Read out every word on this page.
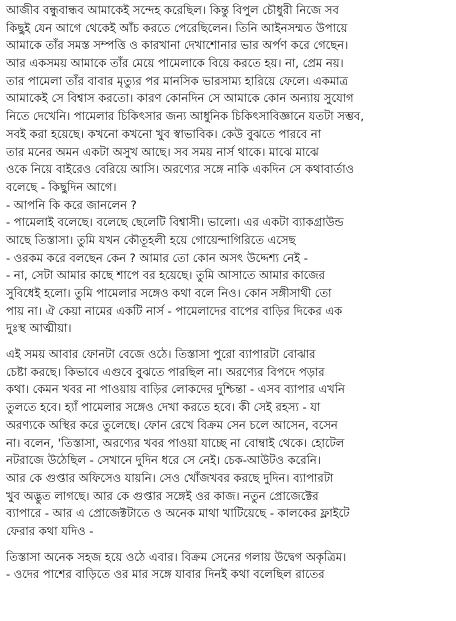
আজীব বন্ধুবান্ধব আমাকেই সন্দেহ করেছিল। কিন্তু বিপুল চৌধুরী নিজে সব
কিছুই যেন আগে থেকেই আঁচ করতে পেরেছিলেন। তিনি আইনসম্মত উপায়ে
আমাকে তাঁর সমস্ত সম্পত্তি ও কারখানা দেখাশোনার ভার অর্পণ করে গেছেন।
আর একসময় আমাকে তাঁর মেয়ে পামেলাকে বিয়ে করতে হয়। না, প্রেম নয়।
তার পামেলা তাঁর বাবার মৃত্যুর পর মানসিক ভারসাম্য হারিয়ে ফেলে। একমাত্র
আমাকেই সে বিশ্বাস করতো। কারণ কোনদিন সে আমাকে কোন অন্যায় সুযোগ
নিতে দেখেনি। পামেলার চিকিৎসার জন্য আধুনিক চিকিৎসাবিজ্ঞানে যতটা সম্ভব,
সবই করা হয়েছে। কখনো কখনো খুব স্বাভাবিক। কেউ বুঝতে পারবে না
তার মনের অমন একটা অসুখ আছে। সব সময় নার্স থাকে। মাঝে মাঝে
ওকে নিয়ে বাইরেও বেরিয়ে আসি। অরণ্যের সঙ্গে নাকি একদিন সে কথাবার্তাও
বলেছে - কিছুদিন আগে।
- আপনি কি করে জানলেন ?
- পামেলাই বলেছে। বলেছে ছেলেটি বিশ্বাসী। ভালো। এর একটা ব্যাকগ্রাউন্ড
আছে তিস্তাসা। তুমি যখন কৌতূহলী হয়ে গোয়েন্দাগিরিতে এসেছ
- ওরকম করে বলছেন কেন ? আমার তো কোন অসৎ উদ্দেশ্য নেই -
- না, সেটা আমার কাছে শাপে বর হয়েছে। তুমি আসাতে আমার কাজের
সুবিধেই হলো। তুমি পামেলার সঙ্গেও কথা বলে নিও। কোন সঙ্গীসাথী তো
পায় না। ঐ কেয়া নামের একটি নার্স - পামেলাদের বাপের বাড়ির দিকের এক
দুঃস্থ আত্মীয়া।
এই সময় আবার ফোনটা বেজে ওঠে। তিস্তাসা পুরো ব্যাপারটা বোঝার
চেষ্টা করছে। কিভাবে এগুবে বুঝতে পারছিল না। অরণ্যের বিপদে পড়ার
কথা। কেমন খবর না পাওয়ায় বাড়ির লোকদের দুশ্চিন্তা - এসব ব্যাপার এখনি
তুলতে হবে। হ্যাঁ পামেলার সঙ্গেও দেখা করতে হবে। কী সেই রহস্য - যা
অরণ্যকে অস্থির করে তুলেছে। ফোন রেখে বিক্রম সেন চলে আসেন, বসেন
না। বলেন, 'তিস্তাসা, অরণ্যের খবর পাওয়া যাচ্ছে না বোম্বাই থেকে। হোটেল
নটরাজে উঠেছিল - সেখানে দুদিন ধরে সে নেই। চেক-আউটও করেনি।
আর কে গুপ্তার অফিসেও যায়নি। সেও খোঁজখবর করছে দুদিন। ব্যাপারটা
খুব অদ্ভুত লাগছে। আর কে গুপ্তার সঙ্গেই ওর কাজ। নতুন প্রোজেক্টের
ব্যাপারে - আর এ প্রোজেক্টটাতে ও অনেক মাথা খাটিয়েছে - কালকের ফ্লাইটে
ফেরার কথা যদিও -
তিস্তাসা অনেক সহজ হয়ে ওঠে এবার। বিক্রম সেনের গলায় উদ্বেগ অকৃত্রিম।
- ওদের পাশের বাড়িতে ওর মার সঙ্গে যাবার দিনই কথা বলেছিল রাতের
